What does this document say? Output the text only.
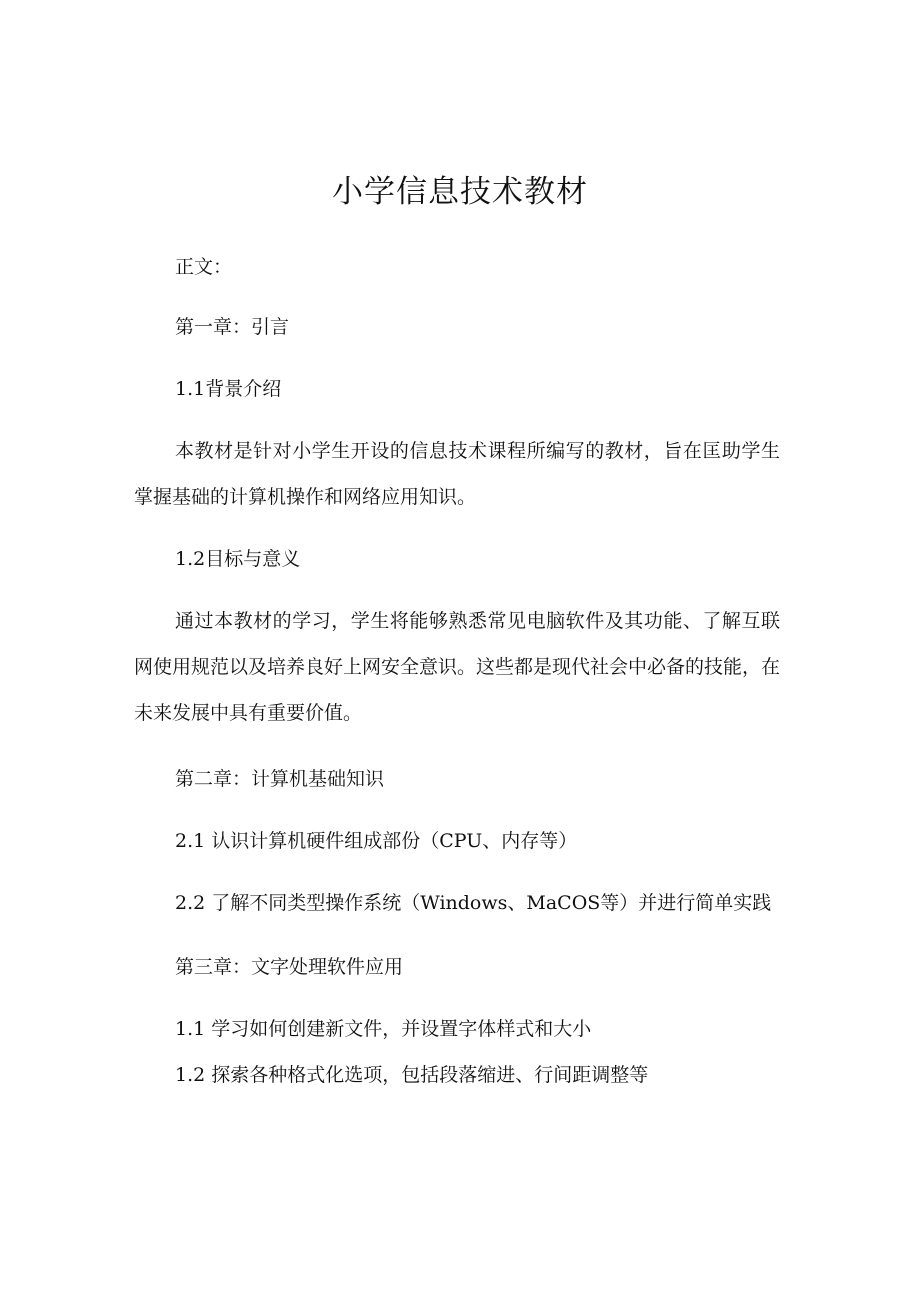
小学信息技术教材

正文：

第一章：引言

1.1背景介绍

本教材是针对小学生开设的信息技术课程所编写的教材，旨在匡助学生掌握基础的计算机操作和网络应用知识。

1.2目标与意义

通过本教材的学习，学生将能够熟悉常见电脑软件及其功能、了解互联网使用规范以及培养良好上网安全意识。这些都是现代社会中必备的技能，在未来发展中具有重要价值。

第二章：计算机基础知识

2.1 认识计算机硬件组成部份（CPU、内存等）

2.2 了解不同类型操作系统（Windows、MaCOS等）并进行简单实践

第三章：文字处理软件应用

1.1 学习如何创建新文件，并设置字体样式和大小

1.2 探索各种格式化选项，包括段落缩进、行间距调整等
